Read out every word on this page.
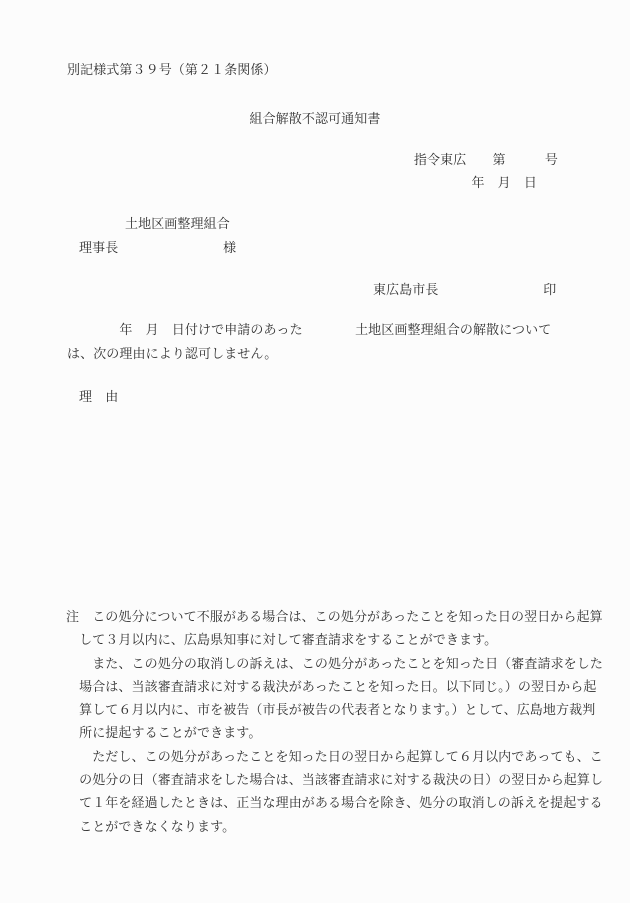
別記様式第３９号（第２１条関係）
組合解散不認可通知書
指令東広　　第　　　号
年　月　日
土地区画整理組合
理事長　　　　　　　　様
東広島市長　　　　　　　　印
　　　　年　月　日付けで申請のあった　　　　土地区画整理組合の解散について
は、次の理由により認可しません。
理　由
注　この処分について不服がある場合は、この処分があったことを知った日の翌日から起算
　して３月以内に、広島県知事に対して審査請求をすることができます。
　　また、この処分の取消しの訴えは、この処分があったことを知った日（審査請求をした
　場合は、当該審査請求に対する裁決があったことを知った日。以下同じ。）の翌日から起
　算して６月以内に、市を被告（市長が被告の代表者となります。）として、広島地方裁判
　所に提起することができます。
　　ただし、この処分があったことを知った日の翌日から起算して６月以内であっても、こ
　の処分の日（審査請求をした場合は、当該審査請求に対する裁決の日）の翌日から起算し
　て１年を経過したときは、正当な理由がある場合を除き、処分の取消しの訴えを提起する
　ことができなくなります。
